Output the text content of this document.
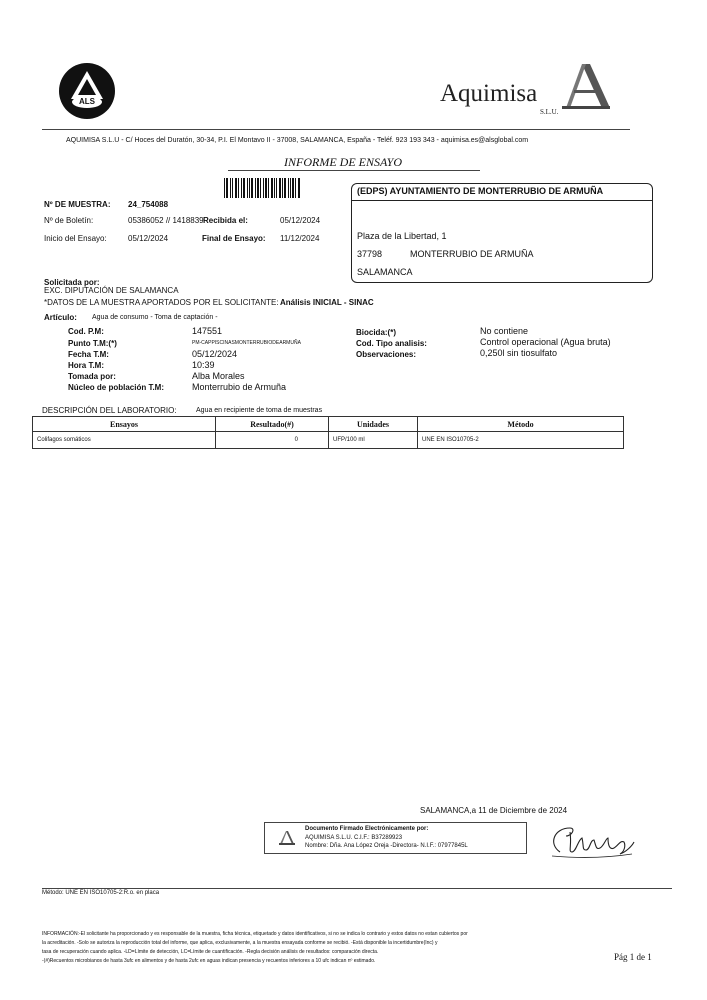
ALS	Aquimisa
S.L.U.
AQUIMISA S.L.U - C/ Hoces del Duratón, 30-34, P.I. El Montavo II - 37008, SALAMANCA, España - Teléf. 923 193 343 - aquimisa.es@alsglobal.com
INFORME DE ENSAYO
Nº DE MUESTRA: 24_754088
Nº de Boletín:	05386052 // 1418839 Recibida el:	05/12/2024
Inicio del Ensayo:	05/12/2024	Final de Ensayo: 11/12/2024
(EDPS) AYUNTAMIENTO DE MONTERRUBIO DE ARMUÑA
Plaza de la Libertad, 1
37798	MONTERRUBIO DE ARMUÑA
SALAMANCA
Solicitada por:
EXC. DIPUTACIÓN DE SALAMANCA
*DATOS DE LA MUESTRA APORTADOS POR EL SOLICITANTE: Análisis INICIAL - SINAC
Artículo: Agua de consumo - Toma de captación -
Cod. P.M:	147551
Punto T.M:(*)	PM-CAPPISCINASMONTERRUBIODEARMUÑA
Fecha T.M:	05/12/2024
Hora T.M:	10:39
Tomada por:	Alba Morales
Núcleo de población T.M:	Monterrubio de Armuña
Biocida:(*)	No contiene
Cod. Tipo analisis:	Control operacional (Agua bruta)
Observaciones:	0,250l sin tiosulfato
DESCRIPCIÓN DEL LABORATORIO:	Agua en recipiente de toma de muestras
Ensayos	Resultado(#)	Unidades	Método
Colifagos somáticos	0	UFP/100 ml	UNE EN ISO10705-2
SALAMANCA,a 11 de Diciembre de 2024
Documento Firmado Electrónicamente por:
AQUIMISA S.L.U. C.I.F.: B37289923
Nombre: Dña. Ana López Oreja -Directora- N.I.F.: 07977845L
Método: UNE EN ISO10705-2:R.o. en placa
INFORMACIÓN:-El solicitante ha proporcionado y es responsable de la muestra, ficha técnica, etiquetado y datos identificativos, si no se indica lo contrario y estos datos no estan cubiertos por
la acreditación. -Solo se autoriza la reproducción total del informe, que aplica, exclusivamente, a la muestra ensayada conforme se recibió. -Está disponible la incertidumbre(Inc) y
tasa de recuperación cuando aplica. -LD=Límite de detección, LC=Límite de cuantificación. -Regla decisión análisis de resultados: comparación directa.
-(#)Recuentos microbianos de hasta 3ufc en alimentos y de hasta 2ufc en aguas indican presencia y recuentos inferiores a 10 ufc indican nº estimado.	Pág 1 de 1
